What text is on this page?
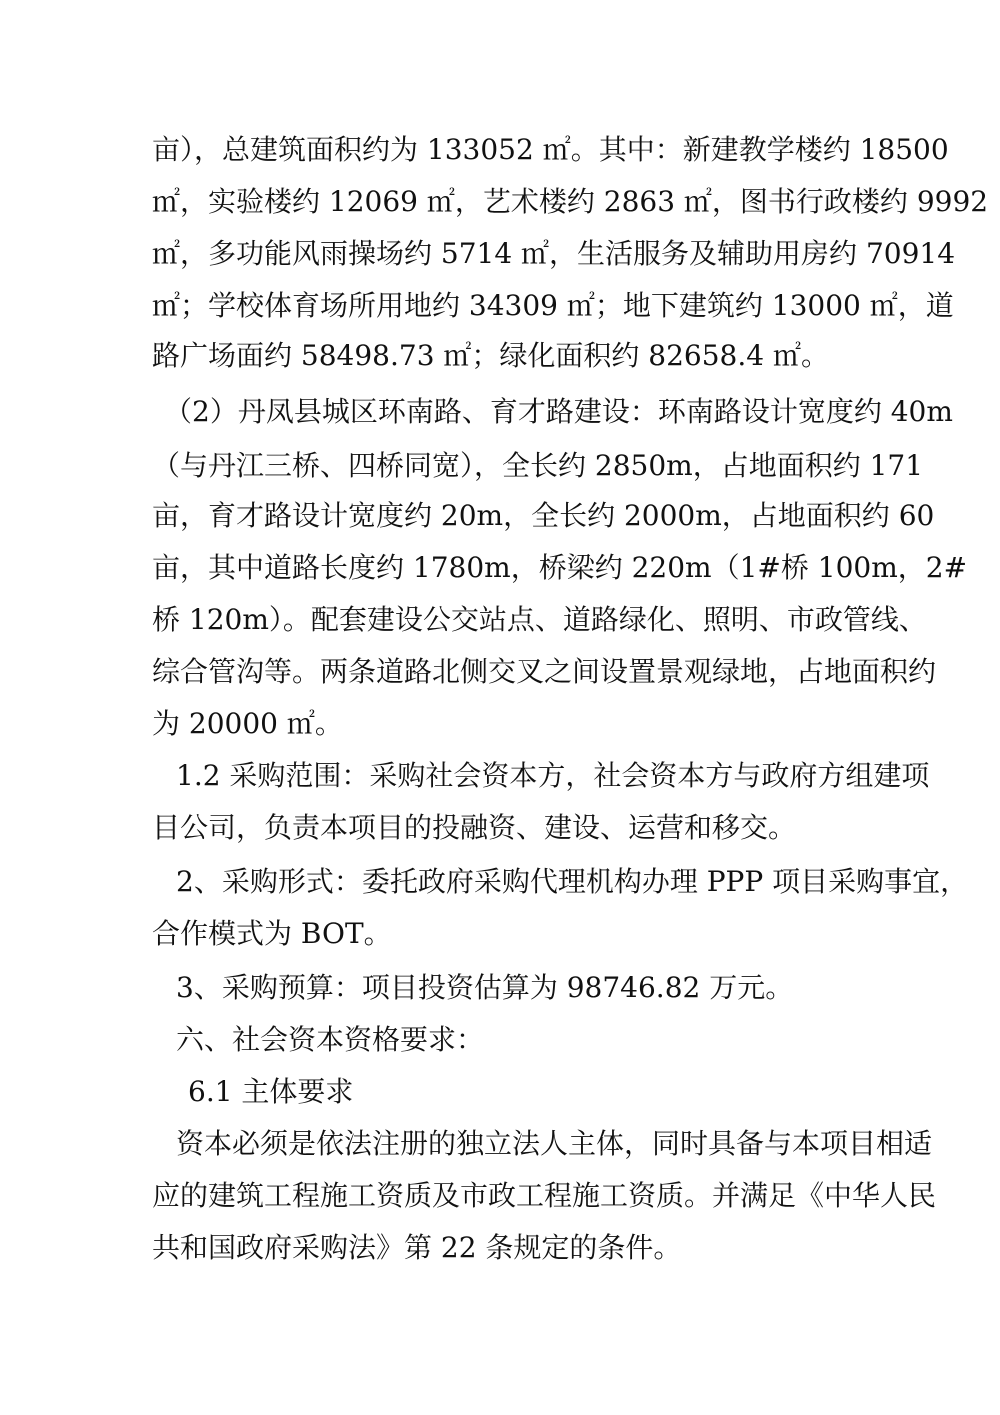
亩），总建筑面积约为 133052 ㎡。其中：新建教学楼约 18500
㎡，实验楼约 12069 ㎡，艺术楼约 2863 ㎡，图书行政楼约 9992
㎡，多功能风雨操场约 5714 ㎡，生活服务及辅助用房约 70914
㎡；学校体育场所用地约 34309 ㎡；地下建筑约 13000 ㎡，道
路广场面约 58498.73 ㎡；绿化面积约 82658.4 ㎡。
（2）丹凤县城区环南路、育才路建设：环南路设计宽度约 40m
（与丹江三桥、四桥同宽），全长约 2850m，占地面积约 171
亩，育才路设计宽度约 20m，全长约 2000m，占地面积约 60
亩，其中道路长度约 1780m，桥梁约 220m（1#桥 100m，2#
桥 120m）。配套建设公交站点、道路绿化、照明、市政管线、
综合管沟等。两条道路北侧交叉之间设置景观绿地，占地面积约
为 20000 ㎡。
1.2 采购范围：采购社会资本方，社会资本方与政府方组建项
目公司，负责本项目的投融资、建设、运营和移交。
2、采购形式：委托政府采购代理机构办理 PPP 项目采购事宜，
合作模式为 BOT。
3、采购预算：项目投资估算为 98746.82 万元。
六、社会资本资格要求：
6.1 主体要求
资本必须是依法注册的独立法人主体，同时具备与本项目相适
应的建筑工程施工资质及市政工程施工资质。并满足《中华人民
共和国政府采购法》第 22 条规定的条件。
